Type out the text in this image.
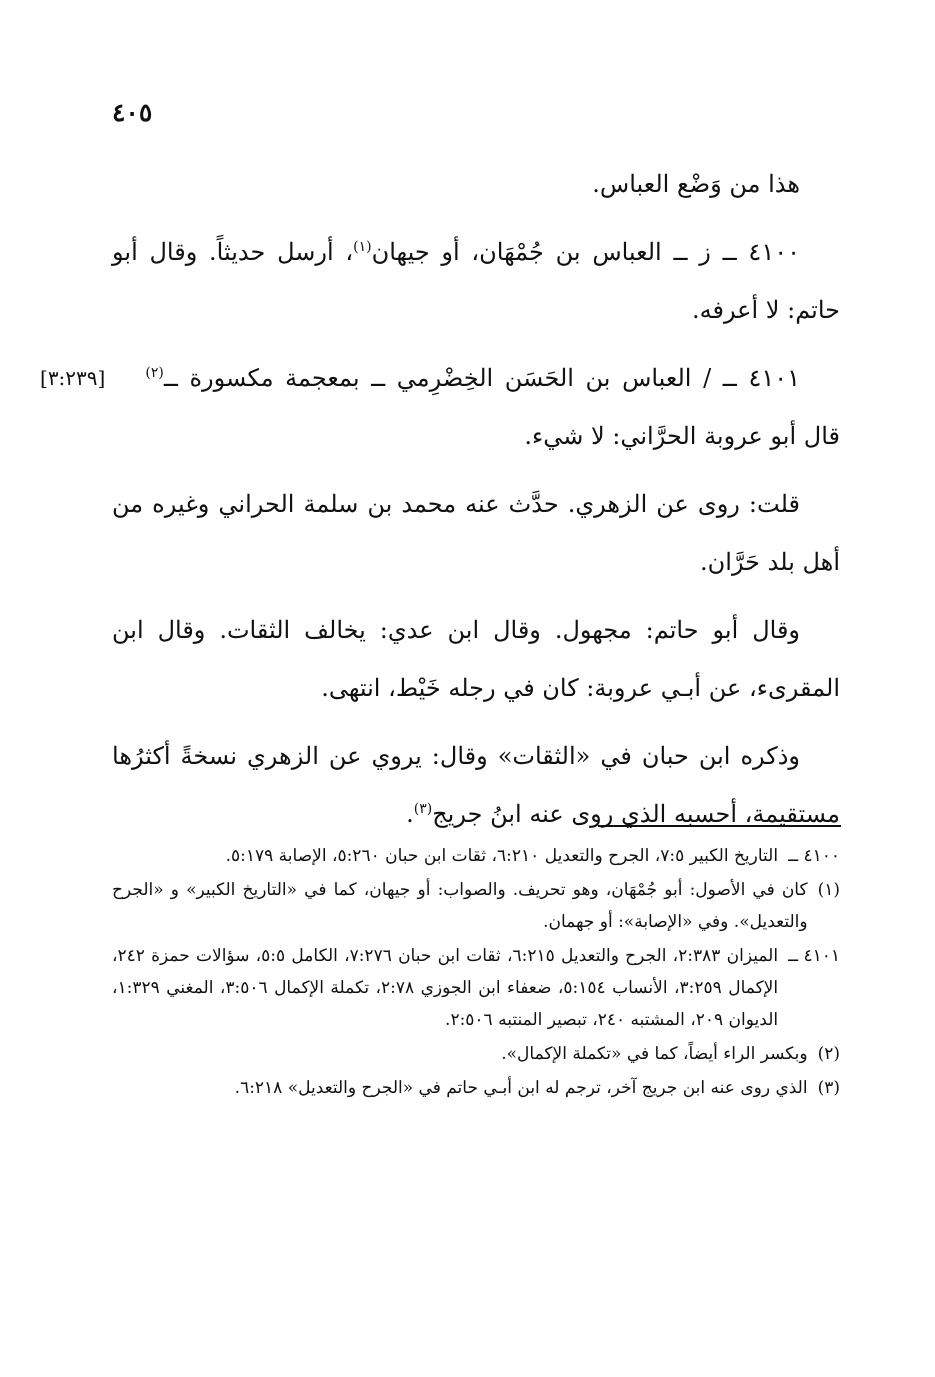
٤٠٥

هذا من وَضْع العباس.

٤١٠٠ ــ ز ــ العباس بن جُمْهَان، أو جيهان$^{(١)}$، أرسل حديثاً. وقال أبو حاتم: لا أعرفه.

[٣:٢٣٩]	٤١٠١ ــ / العباس بن الحَسَن الخِضْرِمي ــ بمعجمة مكسورة ــ$^{(٢)}$ قال أبو عروبة الحرَّاني: لا شيء.

قلت: روى عن الزهري. حدَّث عنه محمد بن سلمة الحراني وغيره من أهل بلد حَرَّان.

وقال أبو حاتم: مجهول. وقال ابن عدي: يخالف الثقات. وقال ابن المقرىء، عن أبـي عروبة: كان في رجله خَيْط، انتهى.

وذكره ابن حبان في «الثقات» وقال: يروي عن الزهري نسخةً أكثرُها مستقيمة، أحسبه الذي روى عنه ابنُ جريج$^{(٣)}$.

٤١٠٠ ــ
التاريخ الكبير ٧:٥، الجرح والتعديل ٦:٢١٠، ثقات ابن حبان ٥:٢٦٠، الإصابة ٥:١٧٩.
(١)
كان في الأصول: أبو جُمْهَان، وهو تحريف. والصواب: أو جيهان، كما في «التاريخ الكبير» و «الجرح والتعديل». وفي «الإصابة»: أو جهمان.
٤١٠١ ــ
الميزان ٢:٣٨٣، الجرح والتعديل ٦:٢١٥، ثقات ابن حبان ٧:٢٧٦، الكامل ٥:٥، سؤالات حمزة ٢٤٢، الإكمال ٣:٢٥٩، الأنساب ٥:١٥٤، ضعفاء ابن الجوزي ٢:٧٨، تكملة الإكمال ٣:٥٠٦، المغني ١:٣٢٩، الديوان ٢٠٩، المشتبه ٢٤٠، تبصير المنتبه ٢:٥٠٦.
(٢)
وبكسر الراء أيضاً، كما في «تكملة الإكمال».
(٣)
الذي روى عنه ابن جريج آخر، ترجم له ابن أبـي حاتم في «الجرح والتعديل» ٦:٢١٨.
